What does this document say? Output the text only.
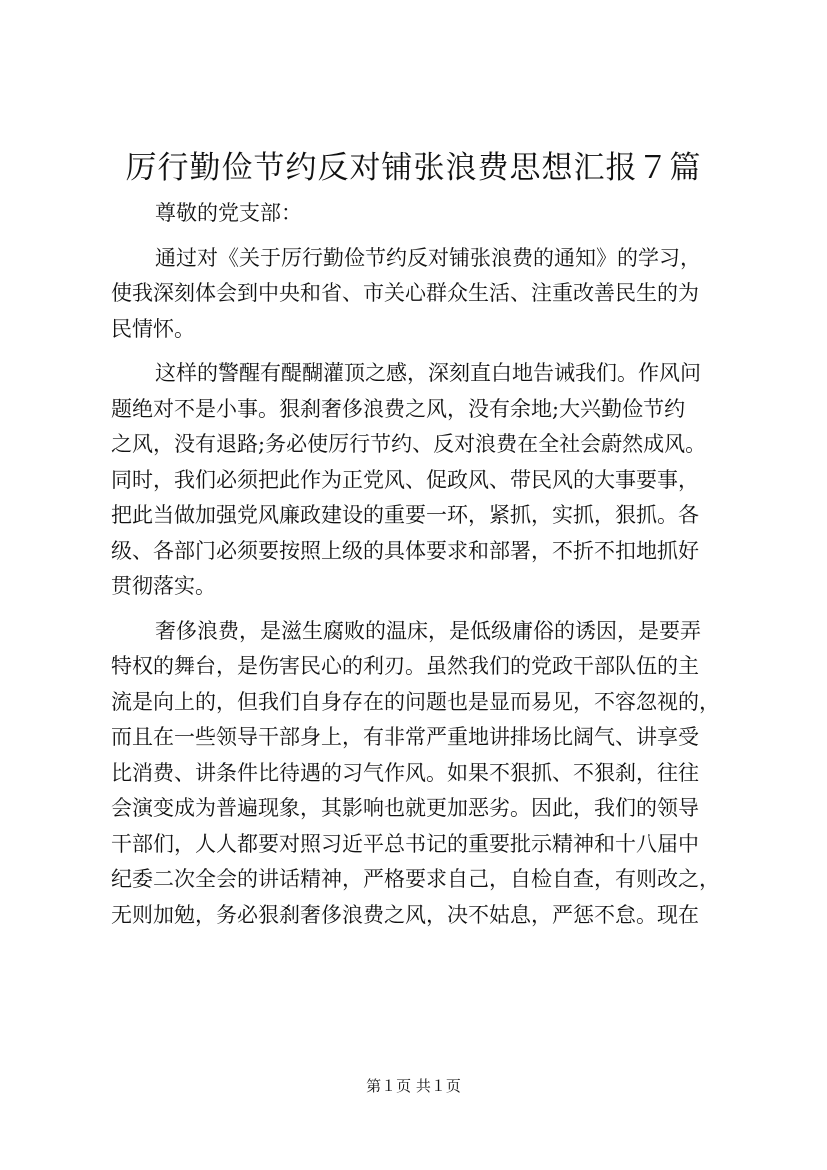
厉行勤俭节约反对铺张浪费思想汇报７篇
尊敬的党支部：
通过对《关于厉行勤俭节约反对铺张浪费的通知》的学习，
使我深刻体会到中央和省、市关心群众生活、注重改善民生的为
民情怀。
这样的警醒有醍醐灌顶之感，深刻直白地告诫我们。作风问
题绝对不是小事。狠刹奢侈浪费之风，没有余地;大兴勤俭节约
之风，没有退路;务必使厉行节约、反对浪费在全社会蔚然成风。
同时，我们必须把此作为正党风、促政风、带民风的大事要事，
把此当做加强党风廉政建设的重要一环，紧抓，实抓，狠抓。各
级、各部门必须要按照上级的具体要求和部署，不折不扣地抓好
贯彻落实。
奢侈浪费，是滋生腐败的温床，是低级庸俗的诱因，是要弄
特权的舞台，是伤害民心的利刃。虽然我们的党政干部队伍的主
流是向上的，但我们自身存在的问题也是显而易见，不容忽视的，
而且在一些领导干部身上，有非常严重地讲排场比阔气、讲享受
比消费、讲条件比待遇的习气作风。如果不狠抓、不狠刹，往往
会演变成为普遍现象，其影响也就更加恶劣。因此，我们的领导
干部们，人人都要对照习近平总书记的重要批示精神和十八届中
纪委二次全会的讲话精神，严格要求自己，自检自查，有则改之，
无则加勉，务必狠刹奢侈浪费之风，决不姑息，严惩不怠。现在
第１页 共１页
